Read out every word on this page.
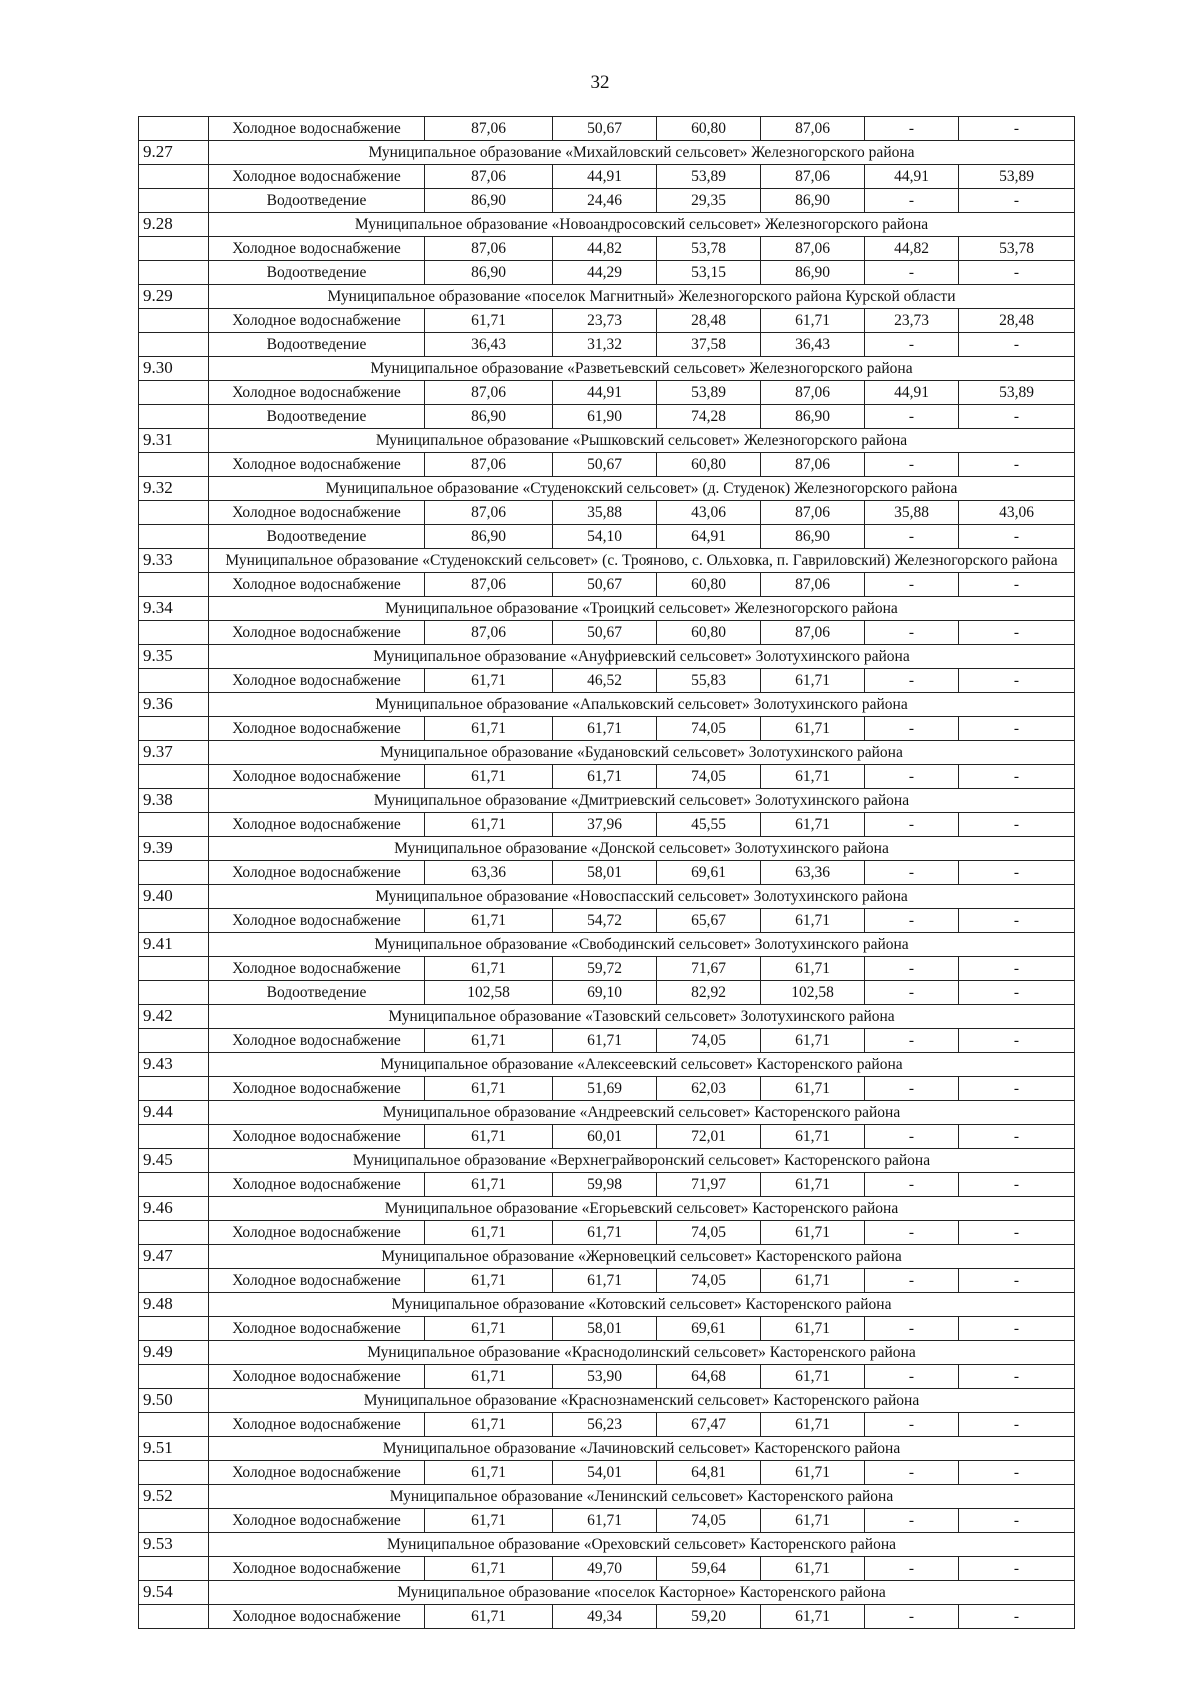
32
	Холодное водоснабжение	87,06	50,67	60,80	87,06	-	-
9.27	Муниципальное образование «Михайловский сельсовет» Железногорского района						
	Холодное водоснабжение	87,06	44,91	53,89	87,06	44,91	53,89
	Водоотведение	86,90	24,46	29,35	86,90	-	-
9.28	Муниципальное образование «Новоандросовский сельсовет» Железногорского района						
	Холодное водоснабжение	87,06	44,82	53,78	87,06	44,82	53,78
	Водоотведение	86,90	44,29	53,15	86,90	-	-
9.29	Муниципальное образование «поселок Магнитный» Железногорского района Курской области						
	Холодное водоснабжение	61,71	23,73	28,48	61,71	23,73	28,48
	Водоотведение	36,43	31,32	37,58	36,43	-	-
9.30	Муниципальное образование «Разветьевский сельсовет» Железногорского района						
	Холодное водоснабжение	87,06	44,91	53,89	87,06	44,91	53,89
	Водоотведение	86,90	61,90	74,28	86,90	-	-
9.31	Муниципальное образование «Рышковский сельсовет» Железногорского района						
	Холодное водоснабжение	87,06	50,67	60,80	87,06	-	-
9.32	Муниципальное образование «Студенокский сельсовет» (д. Студенок) Железногорского района						
	Холодное водоснабжение	87,06	35,88	43,06	87,06	35,88	43,06
	Водоотведение	86,90	54,10	64,91	86,90	-	-
9.33	Муниципальное образование «Студенокский сельсовет» (с. Трояново, с. Ольховка, п. Гавриловский) Железногорского района						
	Холодное водоснабжение	87,06	50,67	60,80	87,06	-	-
9.34	Муниципальное образование «Троицкий сельсовет» Железногорского района						
	Холодное водоснабжение	87,06	50,67	60,80	87,06	-	-
9.35	Муниципальное образование «Ануфриевский сельсовет» Золотухинского района						
	Холодное водоснабжение	61,71	46,52	55,83	61,71	-	-
9.36	Муниципальное образование «Апальковский сельсовет» Золотухинского района						
	Холодное водоснабжение	61,71	61,71	74,05	61,71	-	-
9.37	Муниципальное образование «Будановский сельсовет» Золотухинского района						
	Холодное водоснабжение	61,71	61,71	74,05	61,71	-	-
9.38	Муниципальное образование «Дмитриевский сельсовет» Золотухинского района						
	Холодное водоснабжение	61,71	37,96	45,55	61,71	-	-
9.39	Муниципальное образование «Донской сельсовет» Золотухинского района						
	Холодное водоснабжение	63,36	58,01	69,61	63,36	-	-
9.40	Муниципальное образование «Новоспасский сельсовет» Золотухинского района						
	Холодное водоснабжение	61,71	54,72	65,67	61,71	-	-
9.41	Муниципальное образование «Свободинский сельсовет» Золотухинского района						
	Холодное водоснабжение	61,71	59,72	71,67	61,71	-	-
	Водоотведение	102,58	69,10	82,92	102,58	-	-
9.42	Муниципальное образование «Тазовский сельсовет» Золотухинского района						
	Холодное водоснабжение	61,71	61,71	74,05	61,71	-	-
9.43	Муниципальное образование «Алексеевский сельсовет» Касторенского района						
	Холодное водоснабжение	61,71	51,69	62,03	61,71	-	-
9.44	Муниципальное образование «Андреевский сельсовет» Касторенского района						
	Холодное водоснабжение	61,71	60,01	72,01	61,71	-	-
9.45	Муниципальное образование «Верхнеграйворонский сельсовет» Касторенского района						
	Холодное водоснабжение	61,71	59,98	71,97	61,71	-	-
9.46	Муниципальное образование «Егорьевский сельсовет» Касторенского района						
	Холодное водоснабжение	61,71	61,71	74,05	61,71	-	-
9.47	Муниципальное образование «Жерновецкий сельсовет» Касторенского района						
	Холодное водоснабжение	61,71	61,71	74,05	61,71	-	-
9.48	Муниципальное образование «Котовский сельсовет» Касторенского района						
	Холодное водоснабжение	61,71	58,01	69,61	61,71	-	-
9.49	Муниципальное образование «Краснодолинский сельсовет» Касторенского района						
	Холодное водоснабжение	61,71	53,90	64,68	61,71	-	-
9.50	Муниципальное образование «Краснознаменский сельсовет» Касторенского района						
	Холодное водоснабжение	61,71	56,23	67,47	61,71	-	-
9.51	Муниципальное образование «Лачиновский сельсовет» Касторенского района						
	Холодное водоснабжение	61,71	54,01	64,81	61,71	-	-
9.52	Муниципальное образование «Ленинский сельсовет» Касторенского района						
	Холодное водоснабжение	61,71	61,71	74,05	61,71	-	-
9.53	Муниципальное образование «Ореховский сельсовет» Касторенского района						
	Холодное водоснабжение	61,71	49,70	59,64	61,71	-	-
9.54	Муниципальное образование «поселок Касторное» Касторенского района						
	Холодное водоснабжение	61,71	49,34	59,20	61,71	-	-
